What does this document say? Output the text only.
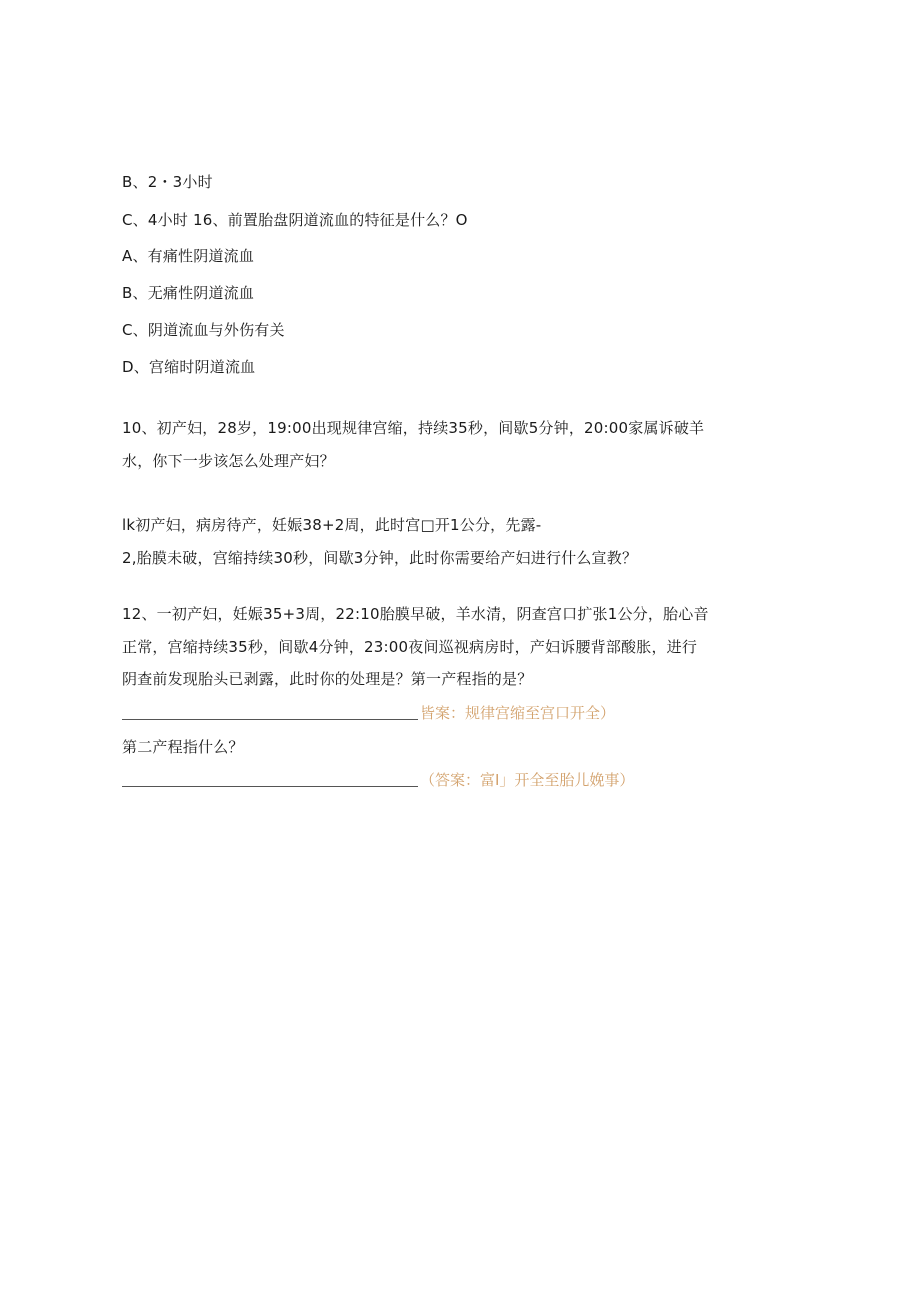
B、2・3小时
C、4小时 16、前置胎盘阴道流血的特征是什么？O
A、有痛性阴道流血
B、无痛性阴道流血
C、阴道流血与外伤有关
D、宫缩时阴道流血
10、初产妇，28岁，19:00出现规律宫缩，持续35秒，间歇5分钟，20:00家属诉破羊
水，你下一步该怎么处理产妇？
lk初产妇，病房待产，妊娠38+2周，此时宫□开1公分，先露-
2,胎膜未破，宫缩持续30秒，间歇3分钟，此时你需要给产妇进行什么宣教？
12、一初产妇，妊娠35+3周，22:10胎膜早破，羊水清，阴查宫口扩张1公分，胎心音
正常，宫缩持续35秒，间歇4分钟，23:00夜间巡视病房时，产妇诉腰背部酸胀，进行
阴查前发现胎头已剥露，此时你的处理是？第一产程指的是？
皆案：规律宫缩至宫口开全）
第二产程指什么？
（答案：富I」开全至胎儿娩事）
